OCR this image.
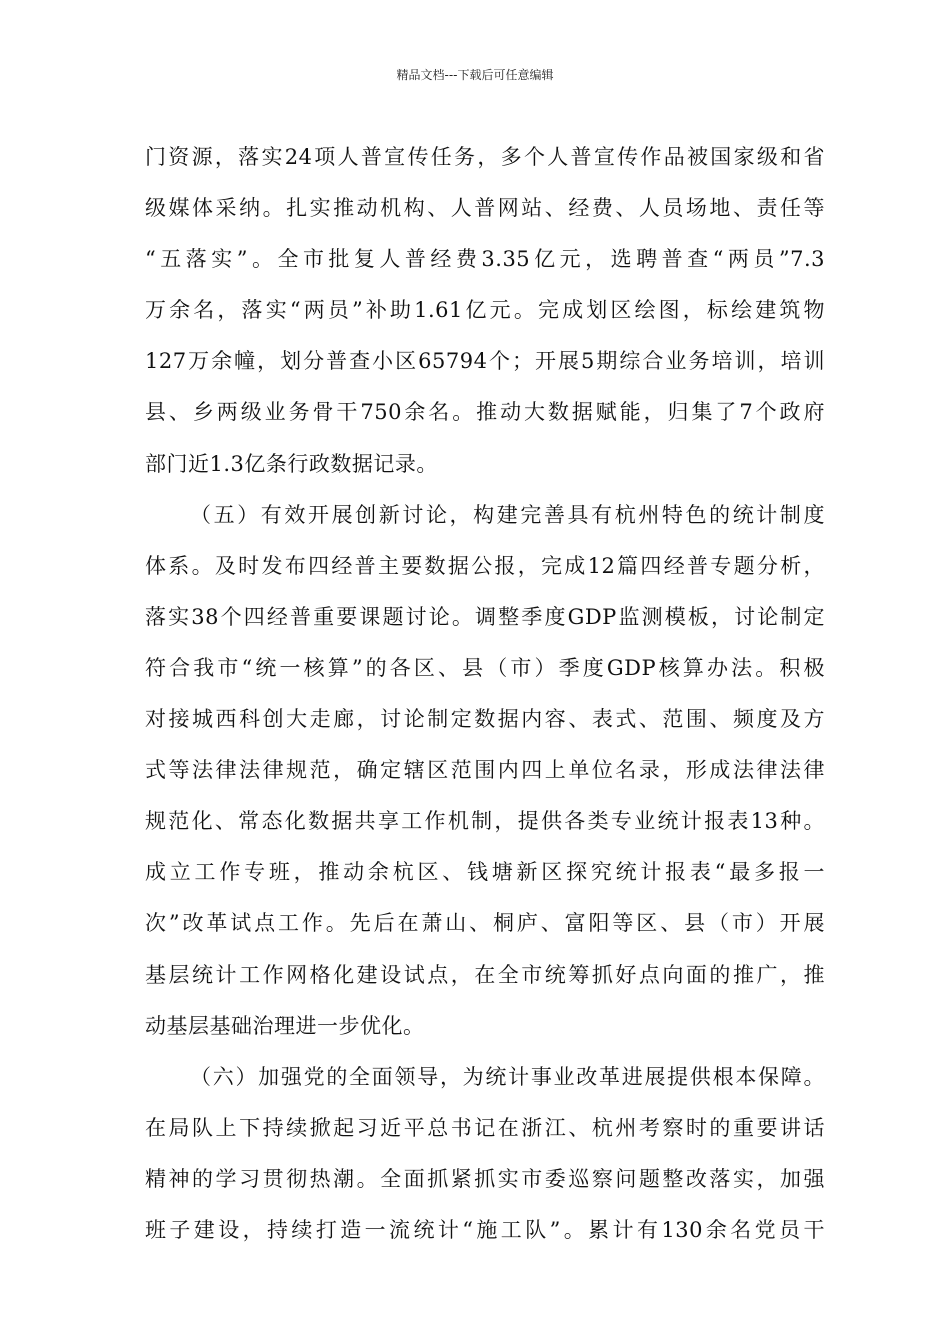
精品文档---下载后可任意编辑
门资源，落实24项人普宣传任务，多个人普宣传作品被国家级和省
级媒体采纳。扎实推动机构、人普网站、经费、人员场地、责任等
“五落实”。全市批复人普经费3.35亿元，选聘普查“两员”7.3
万余名，落实“两员”补助1.61亿元。完成划区绘图，标绘建筑物
127万余幢，划分普查小区65794个；开展5期综合业务培训，培训
县、乡两级业务骨干750余名。推动大数据赋能，归集了7个政府
部门近1.3亿条行政数据记录。
（五）有效开展创新讨论，构建完善具有杭州特色的统计制度
体系。及时发布四经普主要数据公报，完成12篇四经普专题分析，
落实38个四经普重要课题讨论。调整季度GDP监测模板，讨论制定
符合我市“统一核算”的各区、县（市）季度GDP核算办法。积极
对接城西科创大走廊，讨论制定数据内容、表式、范围、频度及方
式等法律法律规范，确定辖区范围内四上单位名录，形成法律法律
规范化、常态化数据共享工作机制，提供各类专业统计报表13种。
成立工作专班，推动余杭区、钱塘新区探究统计报表“最多报一
次”改革试点工作。先后在萧山、桐庐、富阳等区、县（市）开展
基层统计工作网格化建设试点，在全市统筹抓好点向面的推广，推
动基层基础治理进一步优化。
（六）加强党的全面领导，为统计事业改革进展提供根本保障。
在局队上下持续掀起习近平总书记在浙江、杭州考察时的重要讲话
精神的学习贯彻热潮。全面抓紧抓实市委巡察问题整改落实，加强
班子建设，持续打造一流统计“施工队”。累计有130余名党员干
